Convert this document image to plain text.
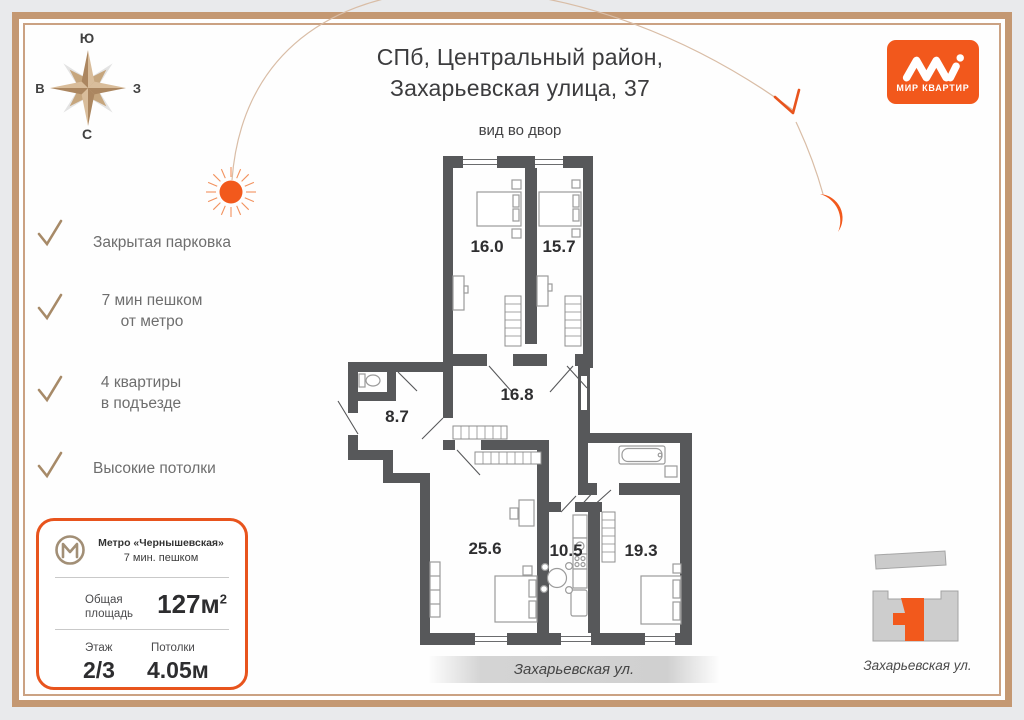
Ю
В	З
С
СПб, Центральный район,
Захарьевская улица, 37
вид во двор
МИР КВАРТИР
Закрытая парковка
7 мин пешком
от метро
4 квартиры
в подъезде
Высокие потолки
Метро «Чернышевская»
7 мин. пешком
Общая
площадь $127м^2$
Этаж
2/3
Потолки
4.05м
16.0 15.7
16.8
8.7
25.6	10.5 19.3
Захарьевская ул.	Захарьевская ул.
